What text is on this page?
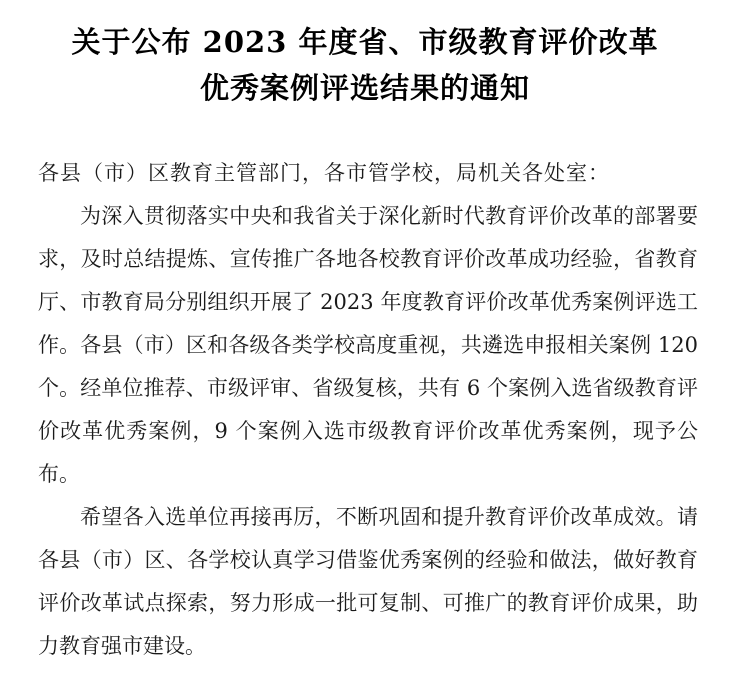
关于公布 2023 年度省、市级教育评价改革
优秀案例评选结果的通知

各县（市）区教育主管部门，各市管学校，局机关各处室：

为深入贯彻落实中央和我省关于深化新时代教育评价改革的部署要求，及时总结提炼、宣传推广各地各校教育评价改革成功经验，省教育厅、市教育局分别组织开展了 2023 年度教育评价改革优秀案例评选工作。各县（市）区和各级各类学校高度重视，共遴选申报相关案例 120 个。经单位推荐、市级评审、省级复核，共有 6 个案例入选省级教育评价改革优秀案例，9 个案例入选市级教育评价改革优秀案例，现予公布。

希望各入选单位再接再厉，不断巩固和提升教育评价改革成效。请各县（市）区、各学校认真学习借鉴优秀案例的经验和做法，做好教育评价改革试点探索，努力形成一批可复制、可推广的教育评价成果，助力教育强市建设。
